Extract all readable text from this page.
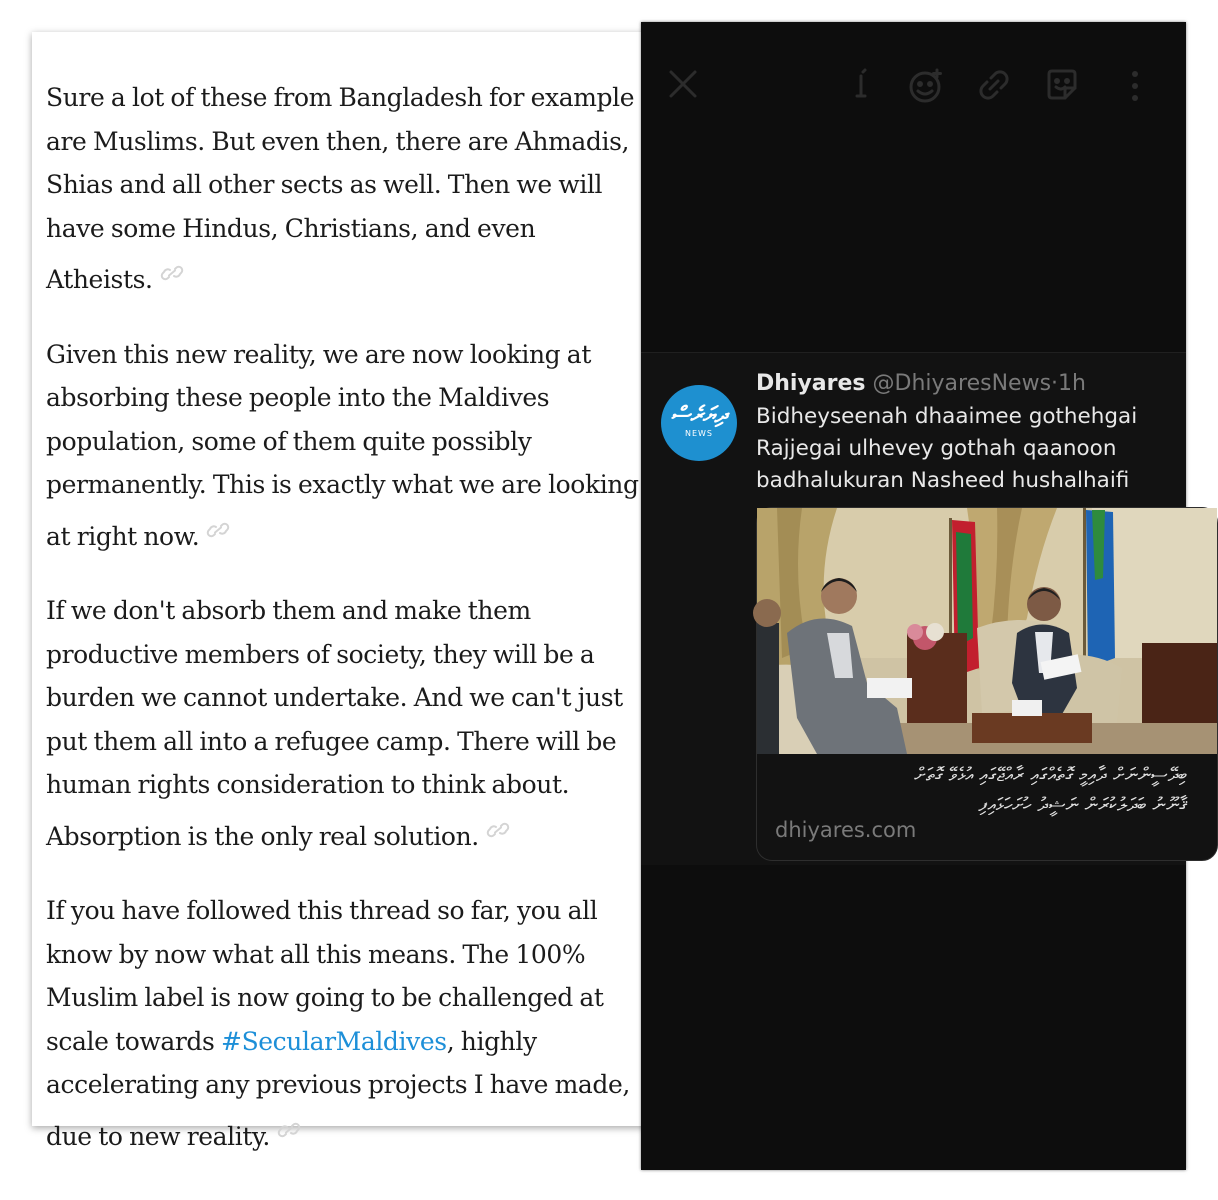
Sure a lot of these from Bangladesh for example
are Muslims. But even then, there are Ahmadis,
Shias and all other sects as well. Then we will
have some Hindus, Christians, and even
Atheists.

Given this new reality, we are now looking at
absorbing these people into the Maldives
population, some of them quite possibly
permanently. This is exactly what we are looking
at right now.

If we don't absorb them and make them
productive members of society, they will be a
burden we cannot undertake. And we can't just
put them all into a refugee camp. There will be
human rights consideration to think about.
Absorption is the only real solution.

If you have followed this thread so far, you all
know by now what all this means. The 100%
Muslim label is now going to be challenged at
scale towards #SecularMaldives, highly
accelerating any previous projects I have made,
due to new reality.

ދިޔަރެސް
NEWS
Dhiyares @DhiyaresNews·1h
Bidheyseenah dhaaimee gothehgai
Rajjegai ulhevey gothah qaanoon
badhalukuran Nasheed hushalhaifi
ބިދޭސީންނަށް ދާއިމީ ގޮތެއްގައި ރާއްޖޭގައި އުޅެވޭ ގޮތަށް
ޤާނޫނު ބަދަލުކުރަން ނަޝީދު ހުށަހަޅައިފި
dhiyares.com
